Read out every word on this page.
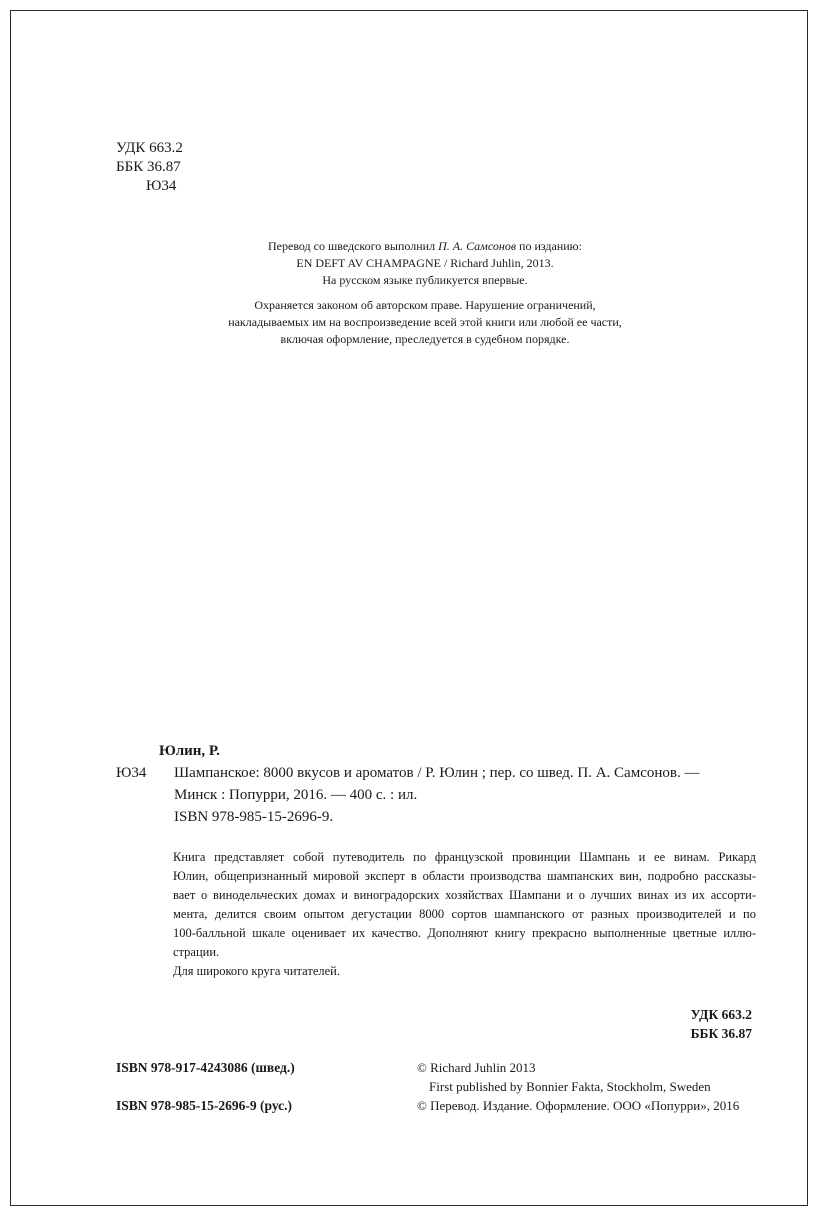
УДК 663.2
ББК 36.87
Ю34

Перевод со шведского выполнил П. А. Самсонов по изданию:

EN DEFT AV CHAMPAGNE / Richard Juhlin, 2013.

На русском языке публикуется впервые.

Охраняется законом об авторском праве. Нарушение ограничений,

накладываемых им на воспроизведение всей этой книги или любой ее части,

включая оформление, преследуется в судебном порядке.

Юлин, Р.
Ю34 Шампанское: 8000 вкусов и ароматов / Р. Юлин ; пер. со швед. П. А. Самсонов. —
Минск : Попурри, 2016. — 400 с. : ил.
ISBN 978-985-15-2696-9.

Книга представляет собой путеводитель по французской провинции Шампань и ее винам. Рикард

Юлин, общепризнанный мировой эксперт в области производства шампанских вин, подробно рассказы-

вает о винодельческих домах и виноградорских хозяйствах Шампани и о лучших винах из их ассорти-

мента, делится своим опытом дегустации 8000 сортов шампанского от разных производителей и по

100-балльной шкале оценивает их качество. Дополняют книгу прекрасно выполненные цветные иллю-

страции.

Для широкого круга читателей.

УДК 663.2
ББК 36.87
ISBN 978-917-4243086 (швед.)
ISBN 978-985-15-2696-9 (рус.)
© Richard Juhlin 2013
First published by Bonnier Fakta, Stockholm, Sweden
© Перевод. Издание. Оформление. ООО «Попурри», 2016
